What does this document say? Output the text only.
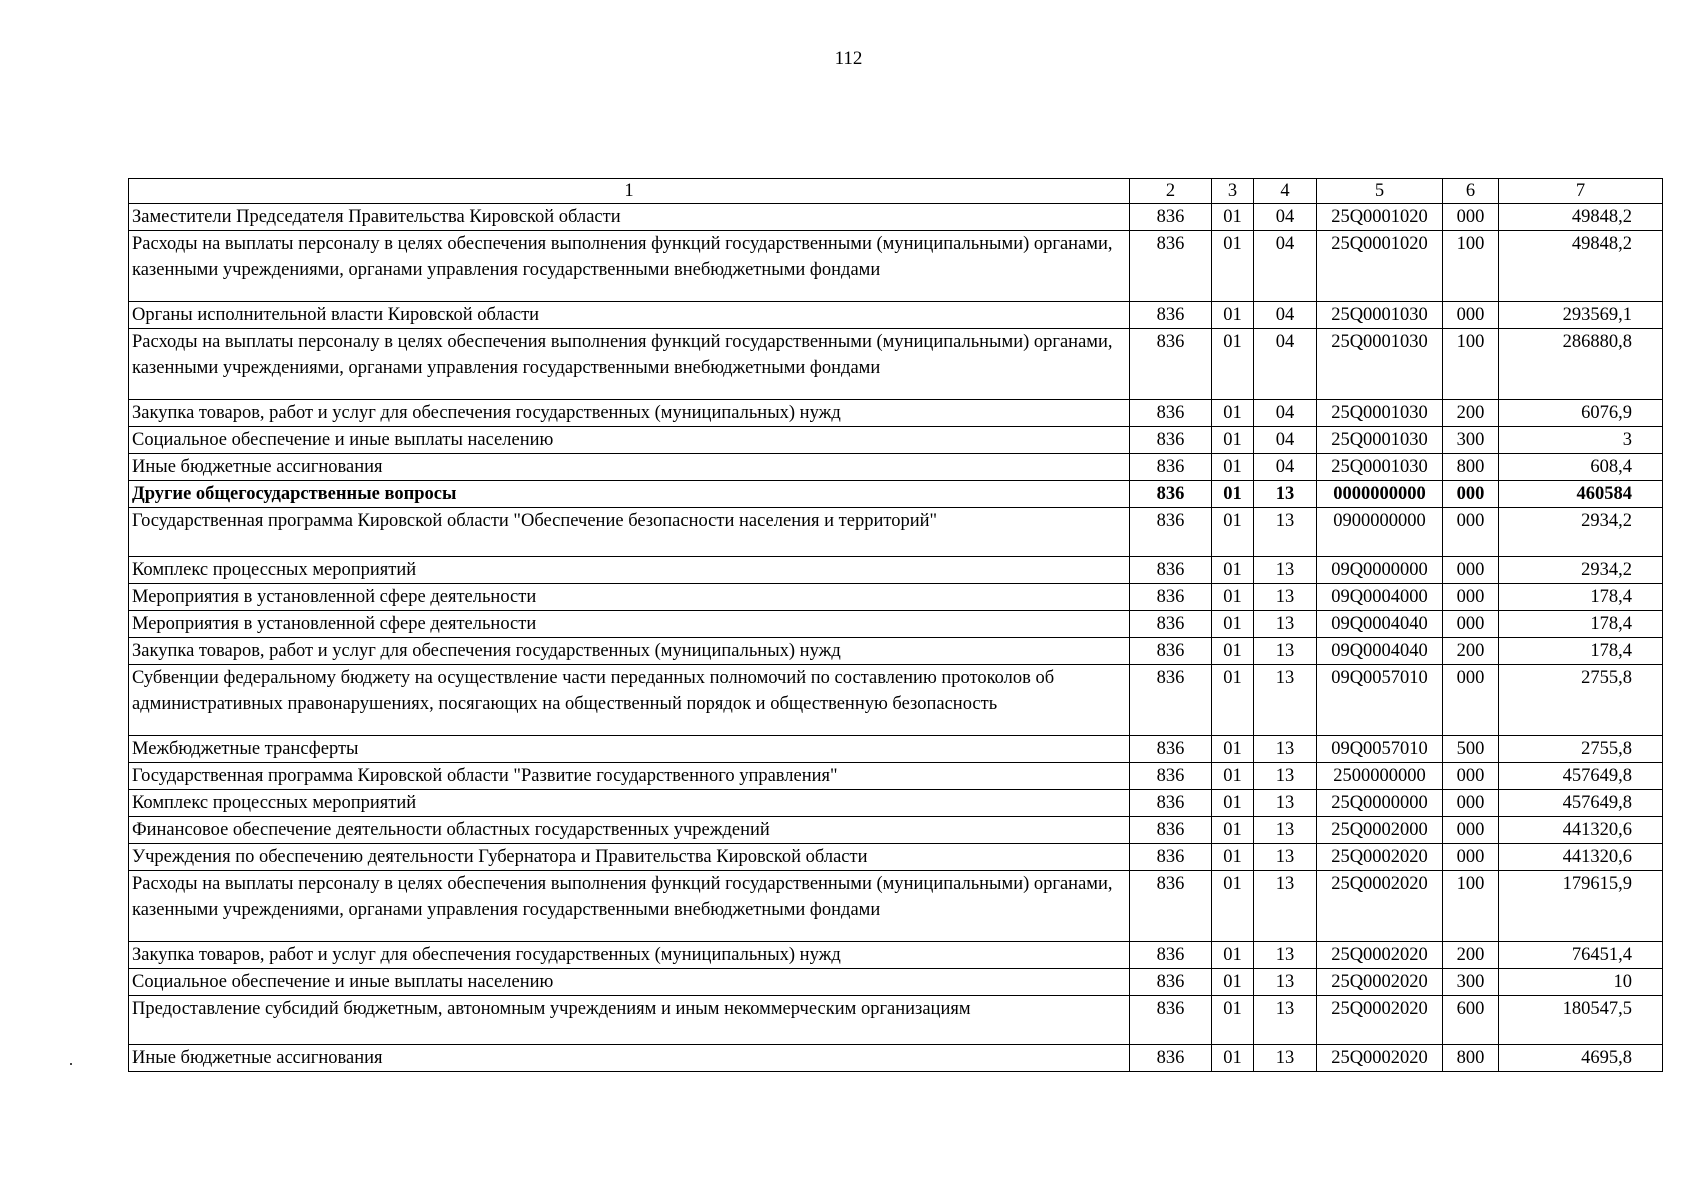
112
1	2	3	4	5	6	7
Заместители Председателя Правительства Кировской области	836	01	04	25Q0001020	000	49848,2
Расходы на выплаты персоналу в целях обеспечения выполнения функций государственными (муниципальными) органами, казенными учреждениями, органами управления государственными внебюджетными фондами	836	01	04	25Q0001020	100	49848,2
Органы исполнительной власти Кировской области	836	01	04	25Q0001030	000	293569,1
Расходы на выплаты персоналу в целях обеспечения выполнения функций государственными (муниципальными) органами, казенными учреждениями, органами управления государственными внебюджетными фондами	836	01	04	25Q0001030	100	286880,8
Закупка товаров, работ и услуг для обеспечения государственных (муниципальных) нужд	836	01	04	25Q0001030	200	6076,9
Социальное обеспечение и иные выплаты населению	836	01	04	25Q0001030	300	3
Иные бюджетные ассигнования	836	01	04	25Q0001030	800	608,4
Другие общегосударственные вопросы	836	01	13	0000000000	000	460584
Государственная программа Кировской области "Обеспечение безопасности населения и территорий"	836	01	13	0900000000	000	2934,2
Комплекс процессных мероприятий	836	01	13	09Q0000000	000	2934,2
Мероприятия в установленной сфере деятельности	836	01	13	09Q0004000	000	178,4
Мероприятия в установленной сфере деятельности	836	01	13	09Q0004040	000	178,4
Закупка товаров, работ и услуг для обеспечения государственных (муниципальных) нужд	836	01	13	09Q0004040	200	178,4
Субвенции федеральному бюджету на осуществление части переданных полномочий по составлению протоколов об административных правонарушениях, посягающих на общественный порядок и общественную безопасность	836	01	13	09Q0057010	000	2755,8
Межбюджетные трансферты	836	01	13	09Q0057010	500	2755,8
Государственная программа Кировской области "Развитие государственного управления"	836	01	13	2500000000	000	457649,8
Комплекс процессных мероприятий	836	01	13	25Q0000000	000	457649,8
Финансовое обеспечение деятельности областных государственных учреждений	836	01	13	25Q0002000	000	441320,6
Учреждения по обеспечению деятельности Губернатора и Правительства Кировской области	836	01	13	25Q0002020	000	441320,6
Расходы на выплаты персоналу в целях обеспечения выполнения функций государственными (муниципальными) органами, казенными учреждениями, органами управления государственными внебюджетными фондами	836	01	13	25Q0002020	100	179615,9
Закупка товаров, работ и услуг для обеспечения государственных (муниципальных) нужд	836	01	13	25Q0002020	200	76451,4
Социальное обеспечение и иные выплаты населению	836	01	13	25Q0002020	300	10
Предоставление субсидий бюджетным, автономным учреждениям и иным некоммерческим организациям	836	01	13	25Q0002020	600	180547,5
Иные бюджетные ассигнования	836	01	13	25Q0002020	800	4695,8
